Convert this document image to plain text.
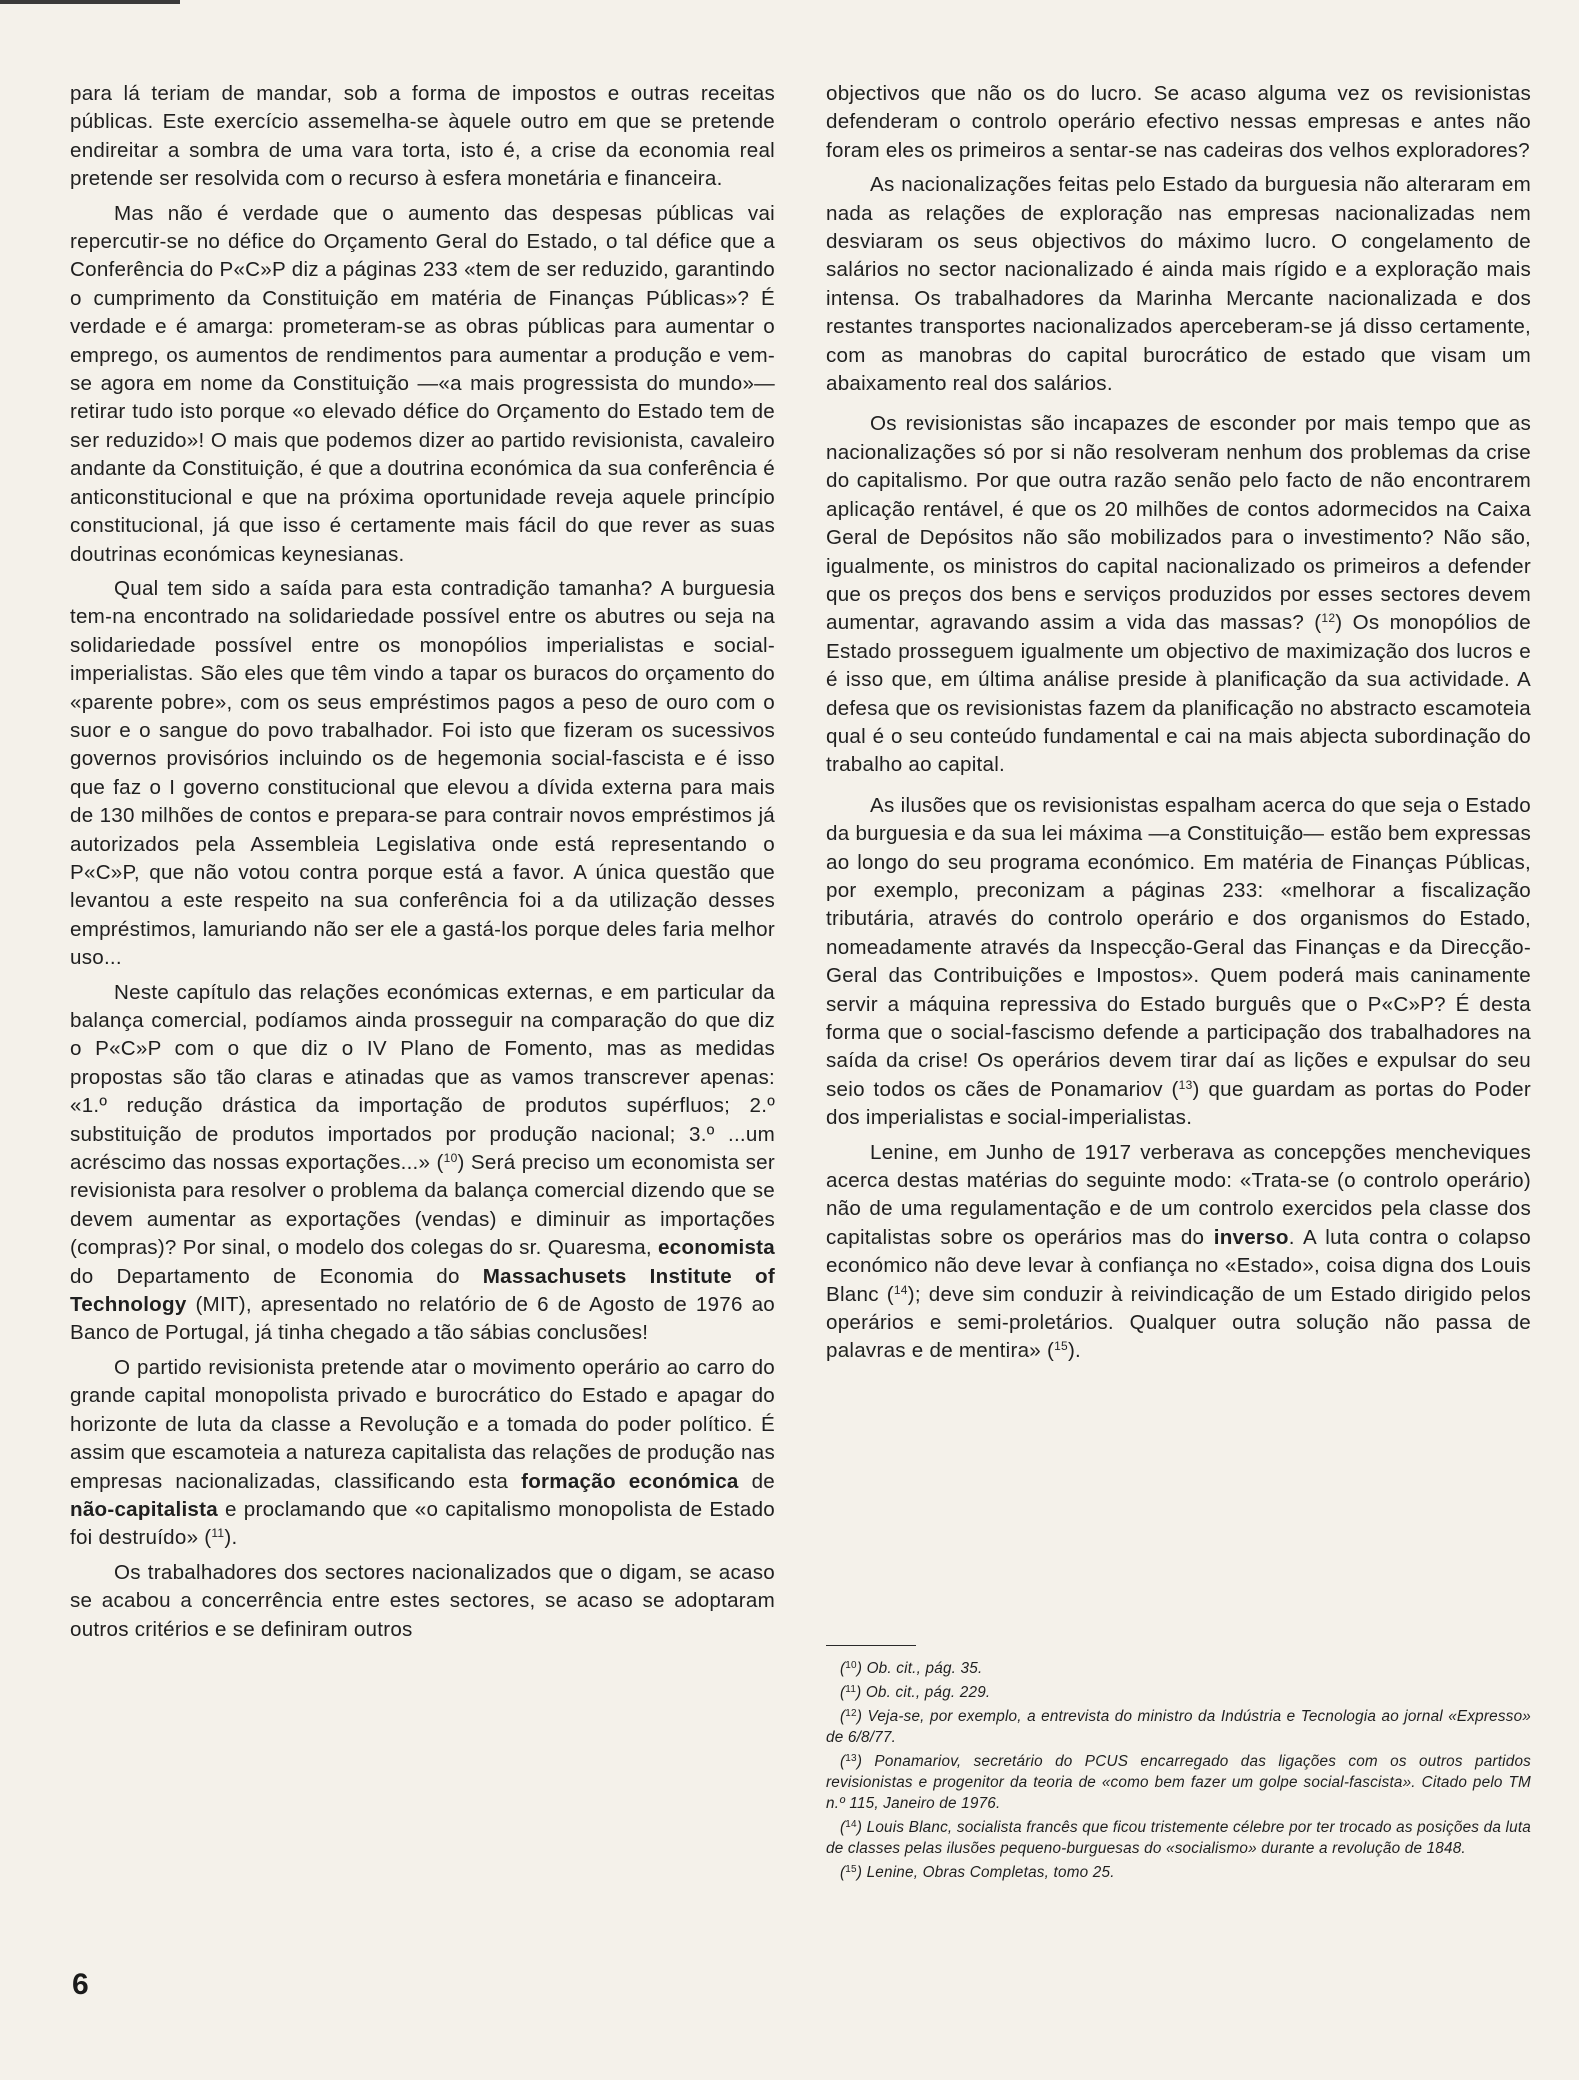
para lá teriam de mandar, sob a forma de impostos e outras receitas públicas. Este exercício assemelha-se àquele outro em que se pretende endireitar a sombra de uma vara torta, isto é, a crise da economia real pretende ser resolvida com o recurso à esfera monetária e financeira.

Mas não é verdade que o aumento das despesas públicas vai repercutir-se no défice do Orçamento Geral do Estado, o tal défice que a Conferência do P«C»P diz a páginas 233 «tem de ser reduzido, garantindo o cumprimento da Constituição em matéria de Finanças Públicas»? É verdade e é amarga: prometeram-se as obras públicas para aumentar o emprego, os aumentos de rendimentos para aumentar a produção e vem-se agora em nome da Constituição —«a mais progressista do mundo»— retirar tudo isto porque «o elevado défice do Orçamento do Estado tem de ser reduzido»! O mais que podemos dizer ao partido revisionista, cavaleiro andante da Constituição, é que a doutrina económica da sua conferência é anticonstitucional e que na próxima oportunidade reveja aquele princípio constitucional, já que isso é certamente mais fácil do que rever as suas doutrinas económicas keynesianas.

Qual tem sido a saída para esta contradição tamanha? A burguesia tem-na encontrado na solidariedade possível entre os abutres ou seja na solidariedade possível entre os monopólios imperialistas e social-imperialistas. São eles que têm vindo a tapar os buracos do orçamento do «parente pobre», com os seus empréstimos pagos a peso de ouro com o suor e o sangue do povo trabalhador. Foi isto que fizeram os sucessivos governos provisórios incluindo os de hegemonia social-fascista e é isso que faz o I governo constitucional que elevou a dívida externa para mais de 130 milhões de contos e prepara-se para contrair novos empréstimos já autorizados pela Assembleia Legislativa onde está representando o P«C»P, que não votou contra porque está a favor. A única questão que levantou a este respeito na sua conferência foi a da utilização desses empréstimos, lamuriando não ser ele a gastá-los porque deles faria melhor uso...

Neste capítulo das relações económicas externas, e em particular da balança comercial, podíamos ainda prosseguir na comparação do que diz o P«C»P com o que diz o IV Plano de Fomento, mas as medidas propostas são tão claras e atinadas que as vamos transcrever apenas: «1.º redução drástica da importação de produtos supérfluos; 2.º substituição de produtos importados por produção nacional; 3.º ...um acréscimo das nossas exportações...» ($^{10}$) Será preciso um economista ser revisionista para resolver o problema da balança comercial dizendo que se devem aumentar as exportações (vendas) e diminuir as importações (compras)? Por sinal, o modelo dos colegas do sr. Quaresma, economista do Departamento de Economia do Massachusets Institute of Technology (MIT), apresentado no relatório de 6 de Agosto de 1976 ao Banco de Portugal, já tinha chegado a tão sábias conclusões!

O partido revisionista pretende atar o movimento operário ao carro do grande capital monopolista privado e burocrático do Estado e apagar do horizonte de luta da classe a Revolução e a tomada do poder político. É assim que escamoteia a natureza capitalista das relações de produção nas empresas nacionalizadas, classificando esta formação económica de não-capitalista e proclamando que «o capitalismo monopolista de Estado foi destruído» ($^{11}$).

Os trabalhadores dos sectores nacionalizados que o digam, se acaso se acabou a concerrência entre estes sectores, se acaso se adoptaram outros critérios e se definiram outros

objectivos que não os do lucro. Se acaso alguma vez os revisionistas defenderam o controlo operário efectivo nessas empresas e antes não foram eles os primeiros a sentar-se nas cadeiras dos velhos exploradores?

As nacionalizações feitas pelo Estado da burguesia não alteraram em nada as relações de exploração nas empresas nacionalizadas nem desviaram os seus objectivos do máximo lucro. O congelamento de salários no sector nacionalizado é ainda mais rígido e a exploração mais intensa. Os trabalhadores da Marinha Mercante nacionalizada e dos restantes transportes nacionalizados aperceberam-se já disso certamente, com as manobras do capital burocrático de estado que visam um abaixamento real dos salários.

Os revisionistas são incapazes de esconder por mais tempo que as nacionalizações só por si não resolveram nenhum dos problemas da crise do capitalismo. Por que outra razão senão pelo facto de não encontrarem aplicação rentável, é que os 20 milhões de contos adormecidos na Caixa Geral de Depósitos não são mobilizados para o investimento? Não são, igualmente, os ministros do capital nacionalizado os primeiros a defender que os preços dos bens e serviços produzidos por esses sectores devem aumentar, agravando assim a vida das massas? ($^{12}$) Os monopólios de Estado prosseguem igualmente um objectivo de maximização dos lucros e é isso que, em última análise preside à planificação da sua actividade. A defesa que os revisionistas fazem da planificação no abstracto escamoteia qual é o seu conteúdo fundamental e cai na mais abjecta subordinação do trabalho ao capital.

As ilusões que os revisionistas espalham acerca do que seja o Estado da burguesia e da sua lei máxima —a Constituição— estão bem expressas ao longo do seu programa económico. Em matéria de Finanças Públicas, por exemplo, preconizam a páginas 233: «melhorar a fiscalização tributária, através do controlo operário e dos organismos do Estado, nomeadamente através da Inspecção-Geral das Finanças e da Direcção-Geral das Contribuições e Impostos». Quem poderá mais caninamente servir a máquina repressiva do Estado burguês que o P«C»P? É desta forma que o social-fascismo defende a participação dos trabalhadores na saída da crise! Os operários devem tirar daí as lições e expulsar do seu seio todos os cães de Ponamariov ($^{13}$) que guardam as portas do Poder dos imperialistas e social-imperialistas.

Lenine, em Junho de 1917 verberava as concepções mencheviques acerca destas matérias do seguinte modo: «Trata-se (o controlo operário) não de uma regulamentação e de um controlo exercidos pela classe dos capitalistas sobre os operários mas do inverso. A luta contra o colapso económico não deve levar à confiança no «Estado», coisa digna dos Louis Blanc ($^{14}$); deve sim conduzir à reivindicação de um Estado dirigido pelos operários e semi-proletários. Qualquer outra solução não passa de palavras e de mentira» ($^{15}$).

($^{10}$) Ob. cit., pág. 35.

($^{11}$) Ob. cit., pág. 229.

($^{12}$) Veja-se, por exemplo, a entrevista do ministro da Indústria e Tecnologia ao jornal «Expresso» de 6/8/77.

($^{13}$) Ponamariov, secretário do PCUS encarregado das ligações com os outros partidos revisionistas e progenitor da teoria de «como bem fazer um golpe social-fascista». Citado pelo TM n.º 115, Janeiro de 1976.

($^{14}$) Louis Blanc, socialista francês que ficou tristemente célebre por ter trocado as posições da luta de classes pelas ilusões pequeno-burguesas do «socialismo» durante a revolução de 1848.

($^{15}$) Lenine, Obras Completas, tomo 25.

6
